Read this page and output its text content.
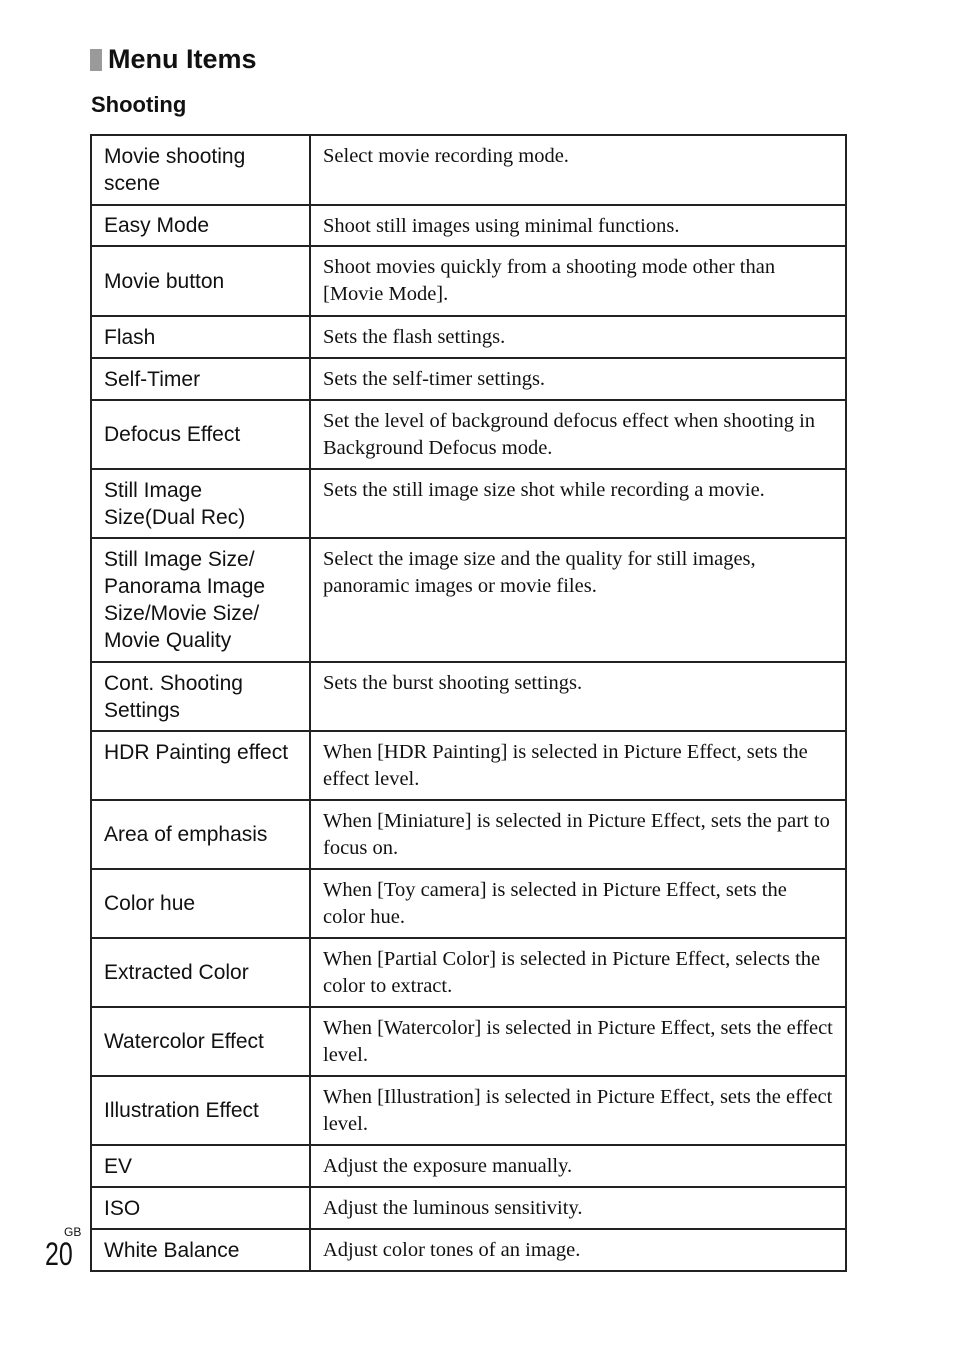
Menu Items
Shooting
Movie shooting scene	Select movie recording mode.
Easy Mode	Shoot still images using minimal functions.
Movie button	Shoot movies quickly from a shooting mode other than [Movie Mode].
Flash	Sets the flash settings.
Self-Timer	Sets the self-timer settings.
Defocus Effect	Set the level of background defocus effect when shooting in Background Defocus mode.
Still Image Size(Dual Rec)	Sets the still image size shot while recording a movie.
Still Image Size/ Panorama Image Size/Movie Size/ Movie Quality	Select the image size and the quality for still images, panoramic images or movie files.
Cont. Shooting Settings	Sets the burst shooting settings.
HDR Painting effect	When [HDR Painting] is selected in Picture Effect, sets the effect level.
Area of emphasis	When [Miniature] is selected in Picture Effect, sets the part to focus on.
Color hue	When [Toy camera] is selected in Picture Effect, sets the color hue.
Extracted Color	When [Partial Color] is selected in Picture Effect, selects the color to extract.
Watercolor Effect	When [Watercolor] is selected in Picture Effect, sets the effect level.
Illustration Effect	When [Illustration] is selected in Picture Effect, sets the effect level.
EV	Adjust the exposure manually.
ISO	Adjust the luminous sensitivity.
White Balance	Adjust color tones of an image.
GB
20
